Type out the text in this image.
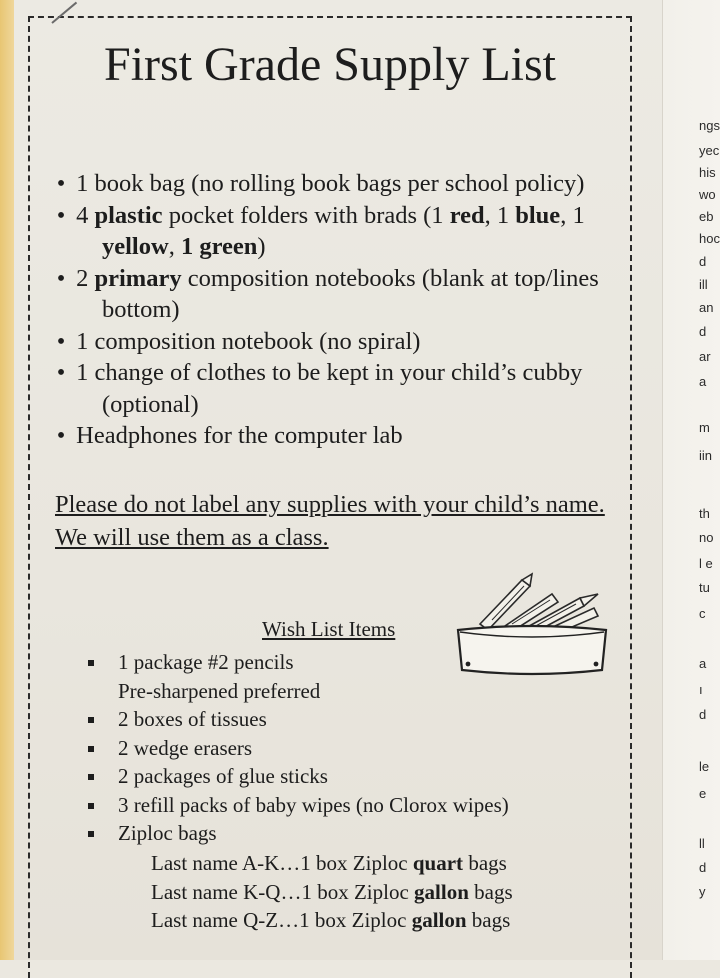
ngs
yec
his
wo
eb
hoc
d
ill
an
d
ar
a
m
iin
th
no
l e
tu
c
a
ı
d
le
e
ll
d
y
First Grade Supply List
• 1 book bag (no rolling book bags per school policy)
• 4 plastic pocket folders with brads (1 red, 1 blue, 1 yellow, 1 green)
• 2 primary composition notebooks (blank at top/lines bottom)
• 1 composition notebook (no spiral)
• 1 change of clothes to be kept in your child’s cubby (optional)
• Headphones for the computer lab

Please do not label any supplies with your child’s name. We will use them as a class.

Wish List Items
1 package #2 pencils
Pre-sharpened preferred
2 boxes of tissues
2 wedge erasers
2 packages of glue sticks
3 refill packs of baby wipes (no Clorox wipes)
Ziploc bags
Last name A-K…1 box Ziploc quart bags
Last name K-Q…1 box Ziploc gallon bags
Last name Q-Z…1 box Ziploc gallon bags
